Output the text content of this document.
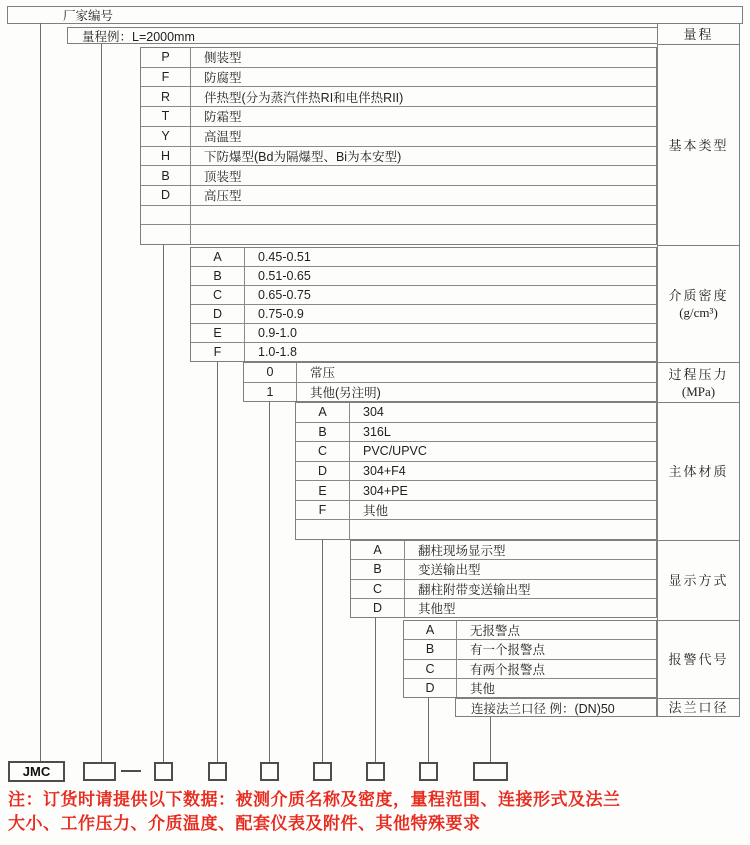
厂家编号
量程例：L=2000mm	量程
基本类型
介质密度
(g/cm³)
过程压力
(MPa)
主体材质
显示方式
报警代号
法兰口径
P	侧装型
F	防腐型
R	伴热型(分为蒸汽伴热RI和电伴热RII)
T	防霜型
Y	高温型
H	下防爆型(Bd为隔爆型、Bi为本安型)
B	顶装型
D	高压型
A	0.45-0.51
B	0.51-0.65
C	0.65-0.75
D	0.75-0.9
E	0.9-1.0
F	1.0-1.8
0	常压
1	其他(另注明)
A	304
B	316L
C	PVC/UPVC
D	304+F4
E	304+PE
F	其他
A	翻柱现场显示型
B	变送输出型
C	翻柱附带变送输出型
D	其他型
A	无报警点
B	有一个报警点
C	有两个报警点
D	其他
连接法兰口径 例：(DN)50
JMC
注：订货时请提供以下数据：被测介质名称及密度，量程范围、连接形式及法兰
大小、工作压力、介质温度、配套仪表及附件、其他特殊要求
